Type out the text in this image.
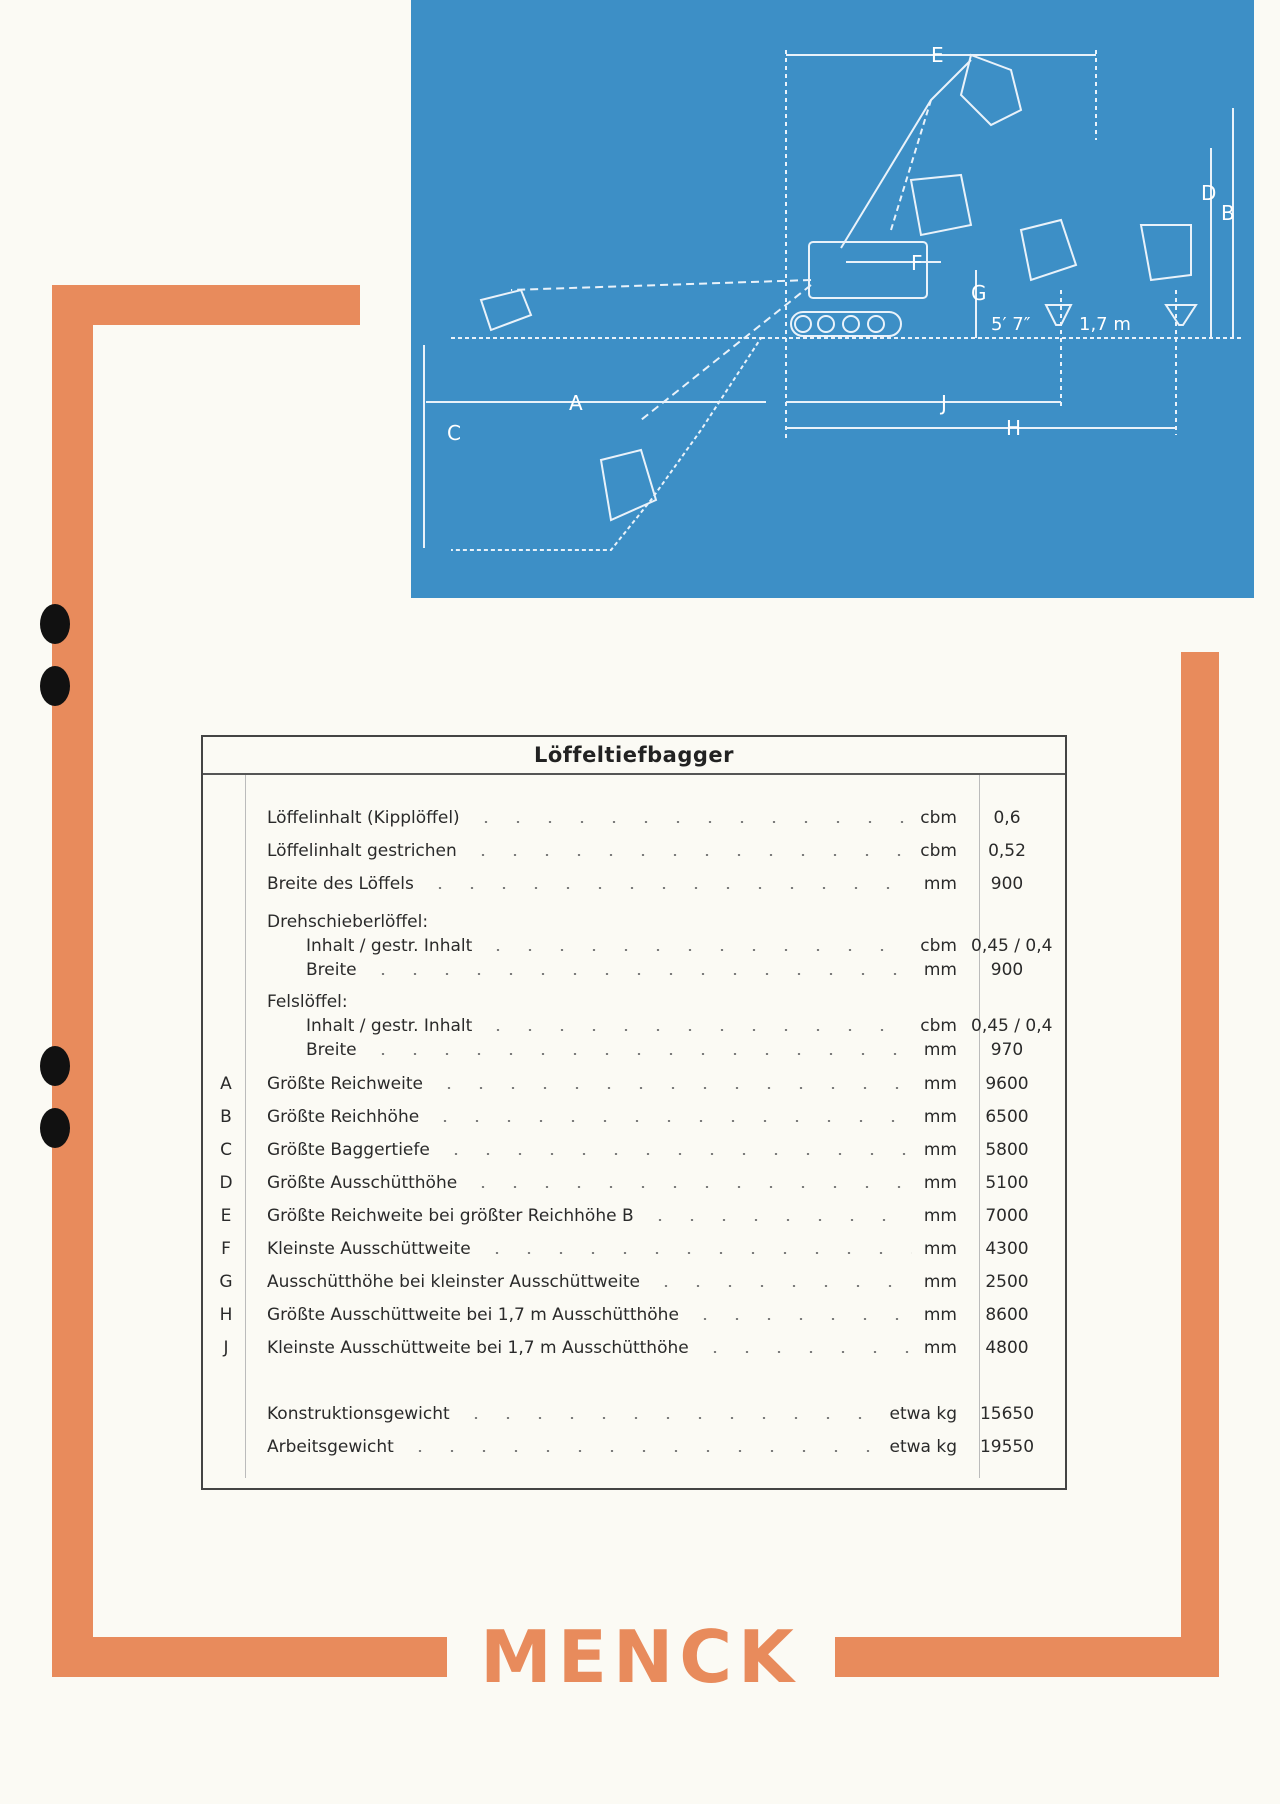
E
B
D
F
G
A	J
H
C
5′ 7″	1,7 m
Löffeltiefbagger
Löffelinhalt (Kipplöffel)	cbm	0,6
Löffelinhalt gestrichen	cbm	0,52
Breite des Löffels	mm	900
Drehschieberlöffel:
Inhalt / gestr. Inhalt	cbm 0,45 / 0,4
Breite	mm	900
Felslöffel:
Inhalt / gestr. Inhalt	cbm 0,45 / 0,4
Breite	mm	970
A	Größte Reichweite	mm	9600
B	Größte Reichhöhe	mm	6500
C Größte Baggertiefe	mm	5800
D Größte Ausschütthöhe	mm	5100
E	Größte Reichweite bei größter Reichhöhe B	mm	7000
F	Kleinste Ausschüttweite	mm	4300
G Ausschütthöhe bei kleinster Ausschüttweite	mm	2500
H Größte Ausschüttweite bei 1,7 m Ausschütthöhe	mm	8600
J	Kleinste Ausschüttweite bei 1,7 m Ausschütthöhe	mm	4800
Konstruktionsgewicht	etwa kg	15650
Arbeitsgewicht	etwa kg	19550
MENCK
